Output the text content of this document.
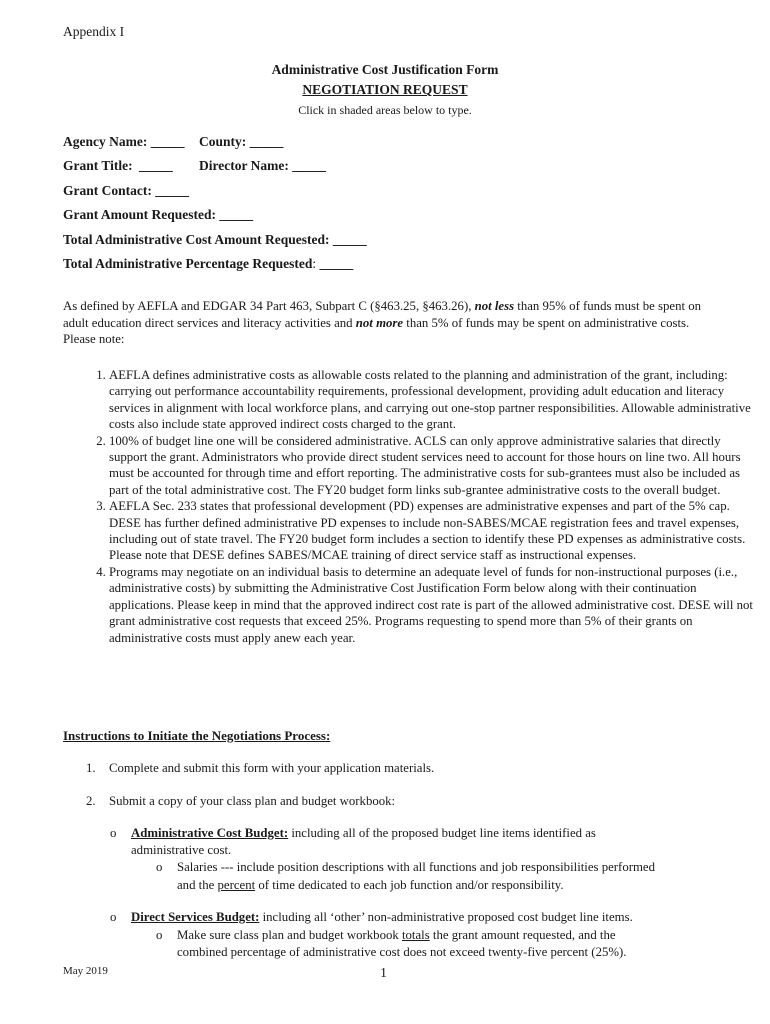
Appendix I
Administrative Cost Justification Form
NEGOTIATION REQUEST
Click in shaded areas below to type.
Agency Name: _____ County: _____
Grant Title: _____ Director Name: _____
Grant Contact: _____
Grant Amount Requested: _____
Total Administrative Cost Amount Requested: _____
Total Administrative Percentage Requested: _____
As defined by AEFLA and EDGAR 34 Part 463, Subpart C (§463.25, §463.26), not less than 95% of funds must be spent on adult education direct services and literacy activities and not more than 5% of funds may be spent on administrative costs. Please note:
1. AEFLA defines administrative costs as allowable costs related to the planning and administration of the grant, including: carrying out performance accountability requirements, professional development, providing adult education and literacy services in alignment with local workforce plans, and carrying out one-stop partner responsibilities. Allowable administrative costs also include state approved indirect costs charged to the grant.
2. 100% of budget line one will be considered administrative. ACLS can only approve administrative salaries that directly support the grant. Administrators who provide direct student services need to account for those hours on line two. All hours must be accounted for through time and effort reporting. The administrative costs for sub-grantees must also be included as part of the total administrative cost. The FY20 budget form links sub-grantee administrative costs to the overall budget.
3. AEFLA Sec. 233 states that professional development (PD) expenses are administrative expenses and part of the 5% cap. DESE has further defined administrative PD expenses to include non-SABES/MCAE registration fees and travel expenses, including out of state travel. The FY20 budget form includes a section to identify these PD expenses as administrative costs. Please note that DESE defines SABES/MCAE training of direct service staff as instructional expenses.
4. Programs may negotiate on an individual basis to determine an adequate level of funds for non-instructional purposes (i.e., administrative costs) by submitting the Administrative Cost Justification Form below along with their continuation applications. Please keep in mind that the approved indirect cost rate is part of the allowed administrative cost. DESE will not grant administrative cost requests that exceed 25%. Programs requesting to spend more than 5% of their grants on administrative costs must apply anew each year.
Instructions to Initiate the Negotiations Process:
1. Complete and submit this form with your application materials.
2. Submit a copy of your class plan and budget workbook:
o Administrative Cost Budget: including all of the proposed budget line items identified as
administrative cost.
o Salaries --- include position descriptions with all functions and job responsibilities performed
and the percent of time dedicated to each job function and/or responsibility.
o Direct Services Budget: including all ‘other’ non-administrative proposed cost budget line items.
o Make sure class plan and budget workbook totals the grant amount requested, and the
combined percentage of administrative cost does not exceed twenty-five percent (25%).
May 2019	1
